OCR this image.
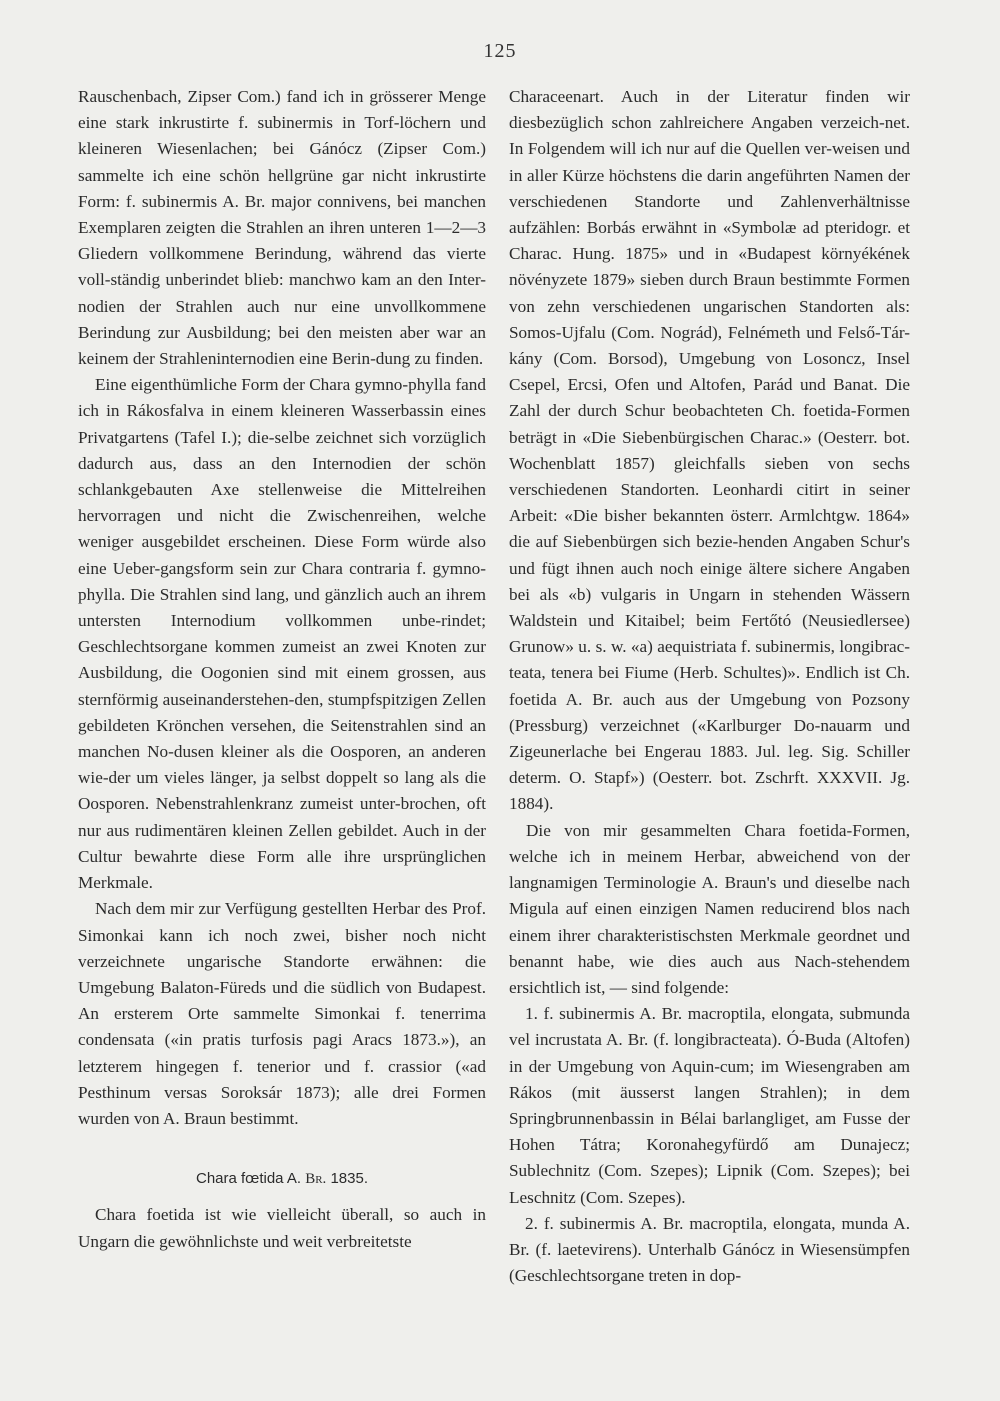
125

Rauschenbach, Zipser Com.) fand ich in grösserer Menge eine stark inkrustirte f. subinermis in Torf-löchern und kleineren Wiesenlachen; bei Gánócz (Zipser Com.) sammelte ich eine schön hellgrüne gar nicht inkrustirte Form: f. subinermis A. Br. major connivens, bei manchen Exemplaren zeigten die Strahlen an ihren unteren 1—2—3 Gliedern vollkommene Berindung, während das vierte voll-ständig unberindet blieb: manchwo kam an den Inter-nodien der Strahlen auch nur eine unvollkommene Berindung zur Ausbildung; bei den meisten aber war an keinem der Strahleninternodien eine Berin-dung zu finden.

Eine eigenthümliche Form der Chara gymno-phylla fand ich in Rákosfalva in einem kleineren Wasserbassin eines Privatgartens (Tafel I.); die-selbe zeichnet sich vorzüglich dadurch aus, dass an den Internodien der schön schlankgebauten Axe stellenweise die Mittelreihen hervorragen und nicht die Zwischenreihen, welche weniger ausgebildet erscheinen. Diese Form würde also eine Ueber-gangsform sein zur Chara contraria f. gymno-phylla. Die Strahlen sind lang, und gänzlich auch an ihrem untersten Internodium vollkommen unbe-rindet; Geschlechtsorgane kommen zumeist an zwei Knoten zur Ausbildung, die Oogonien sind mit einem grossen, aus sternförmig auseinanderstehen-den, stumpfspitzigen Zellen gebildeten Krönchen versehen, die Seitenstrahlen sind an manchen No-dusen kleiner als die Oosporen, an anderen wie-der um vieles länger, ja selbst doppelt so lang als die Oosporen. Nebenstrahlenkranz zumeist unter-brochen, oft nur aus rudimentären kleinen Zellen gebildet. Auch in der Cultur bewahrte diese Form alle ihre ursprünglichen Merkmale.

Nach dem mir zur Verfügung gestellten Herbar des Prof. Simonkai kann ich noch zwei, bisher noch nicht verzeichnete ungarische Standorte erwähnen: die Umgebung Balaton-Füreds und die südlich von Budapest. An ersterem Orte sammelte Simonkai f. tenerrima condensata («in pratis turfosis pagi Aracs 1873.»), an letzterem hingegen f. tenerior und f. crassior («ad Pesthinum versas Soroksár 1873); alle drei Formen wurden von A. Braun bestimmt.

Chara fœtida A. Br. 1835.

Chara foetida ist wie vielleicht überall, so auch in Ungarn die gewöhnlichste und weit verbreitetste

Characeenart. Auch in der Literatur finden wir diesbezüglich schon zahlreichere Angaben verzeich-net. In Folgendem will ich nur auf die Quellen ver-weisen und in aller Kürze höchstens die darin angeführten Namen der verschiedenen Standorte und Zahlenverhältnisse aufzählen: Borbás erwähnt in «Symbolæ ad pteridogr. et Charac. Hung. 1875» und in «Budapest környékének növényzete 1879» sieben durch Braun bestimmte Formen von zehn verschiedenen ungarischen Standorten als: Somos-Ujfalu (Com. Nográd), Felnémeth und Felső-Tár-kány (Com. Borsod), Umgebung von Losoncz, Insel Csepel, Ercsi, Ofen und Altofen, Parád und Banat. Die Zahl der durch Schur beobachteten Ch. foetida-Formen beträgt in «Die Siebenbürgischen Charac.» (Oesterr. bot. Wochenblatt 1857) gleichfalls sieben von sechs verschiedenen Standorten. Leonhardi citirt in seiner Arbeit: «Die bisher bekannten österr. Armlchtgw. 1864» die auf Siebenbürgen sich bezie-henden Angaben Schur's und fügt ihnen auch noch einige ältere sichere Angaben bei als «b) vulgaris in Ungarn in stehenden Wässern Waldstein und Kitaibel; beim Fertőtó (Neusiedlersee) Grunow» u. s. w. «a) aequistriata f. subinermis, longibrac-teata, tenera bei Fiume (Herb. Schultes)». Endlich ist Ch. foetida A. Br. auch aus der Umgebung von Pozsony (Pressburg) verzeichnet («Karlburger Do-nauarm und Zigeunerlache bei Engerau 1883. Jul. leg. Sig. Schiller determ. O. Stapf») (Oesterr. bot. Zschrft. XXXVII. Jg. 1884).

Die von mir gesammelten Chara foetida-Formen, welche ich in meinem Herbar, abweichend von der langnamigen Terminologie A. Braun's und dieselbe nach Migula auf einen einzigen Namen reducirend blos nach einem ihrer charakteristischsten Merkmale geordnet und benannt habe, wie dies auch aus Nach-stehendem ersichtlich ist, — sind folgende:

1. f. subinermis A. Br. macroptila, elongata, submunda vel incrustata A. Br. (f. longibracteata). Ó-Buda (Altofen) in der Umgebung von Aquin-cum; im Wiesengraben am Rákos (mit äusserst langen Strahlen); in dem Springbrunnenbassin in Bélai barlangliget, am Fusse der Hohen Tátra; Koronahegyfürdő am Dunajecz; Sublechnitz (Com. Szepes); Lipnik (Com. Szepes); bei Leschnitz (Com. Szepes).

2. f. subinermis A. Br. macroptila, elongata, munda A. Br. (f. laetevirens). Unterhalb Gánócz in Wiesensümpfen (Geschlechtsorgane treten in dop-
